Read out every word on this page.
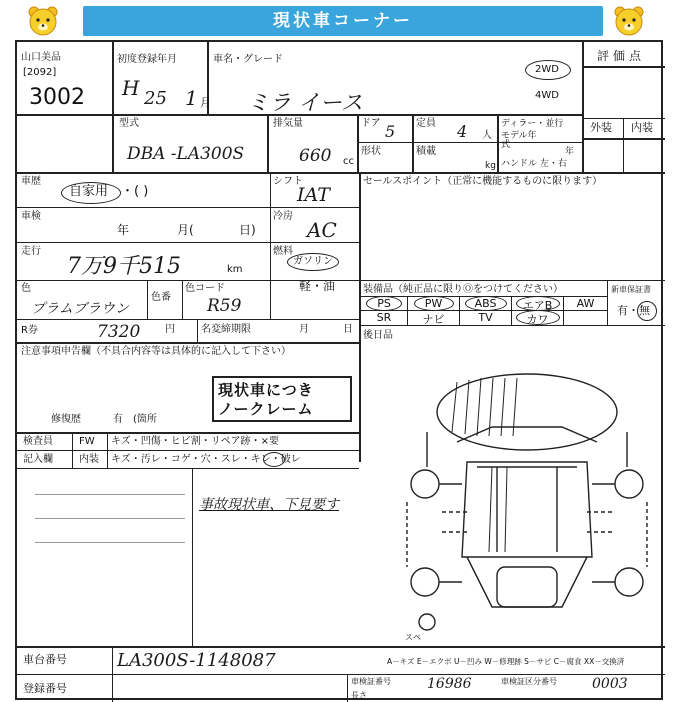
現状車コーナー
山口美品
[2092]
3002
初度登録年月
H 25 1 月
車名・グレード
ミラ イース
2WD
4WD
評価点
外装 内装
型式
DBA -LA300S
排気量
660 cc
ドア 5 定員 4 人
形状	積載
kg
ディラー・並行
モデル年式
年
ハンドル 左・右
車歴
自家用 ・( )
車検
年	月(	日)
走行
7万9千515	km
色
プラムブラウン
色番
色コード
R59
R券	7320 円	名変締期限	月	日
シフト
IAT
冷房
AC
燃料
ガソリン
軽・油
セールスポイント（正常に機能するものに限ります）
装備品（純正品に限りⓄをつけてください）
PS	PW	ABS	エアB	AW
SR	ナビ	TV	カワ
新車保証書
有・無
後日品
注意事項申告欄（不具合内容等は具体的に記入して下さい）
現状車につき
ノークレーム
修復歴	有 (箇所
検査員	FW キズ・凹傷・ヒビ割・リペア跡・×要
記入欄	内装 キズ・汚レ・コゲ・穴・スレ・キレ・破レ
事故現状車、下見要す
スペ
車台番号	LA300S-1148087	A－キズ E－エクボ U－凹み W－修理跡 S－サビ C－腐食 XX－交換済
登録番号
車検証番号	16986
長さ
車検証区分番号	0003
